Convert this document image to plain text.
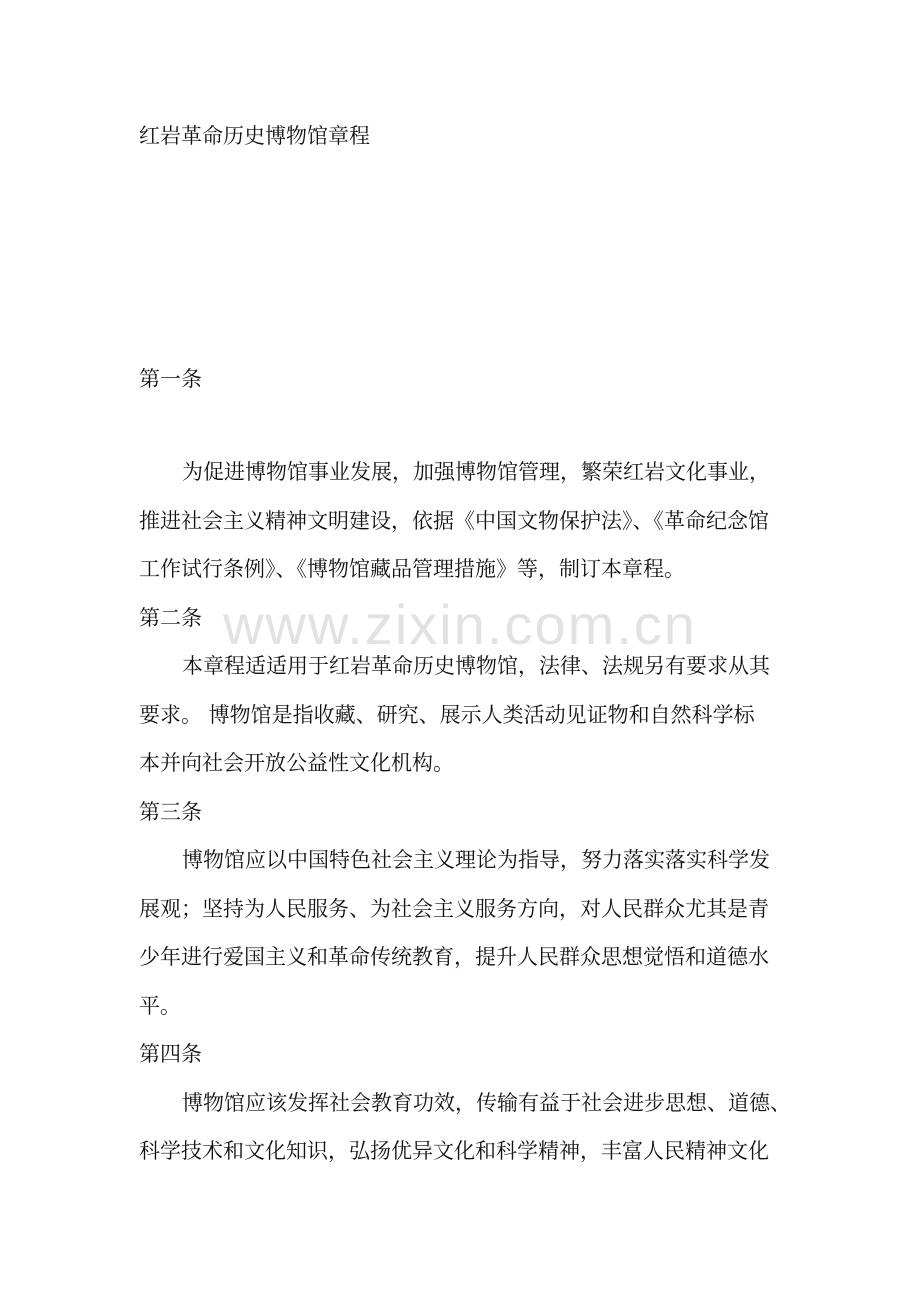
www.zixin.com.cn
红岩革命历史博物馆章程

第一条

为促进博物馆事业发展，加强博物馆管理，繁荣红岩文化事业，

推进社会主义精神文明建设，依据《中国文物保护法》、《革命纪念馆

工作试行条例》、《博物馆藏品管理措施》等，制订本章程。

第二条

本章程适适用于红岩革命历史博物馆，法律、法规另有要求从其

要求。 博物馆是指收藏、研究、展示人类活动见证物和自然科学标

本并向社会开放公益性文化机构。

第三条

博物馆应以中国特色社会主义理论为指导，努力落实落实科学发

展观；坚持为人民服务、为社会主义服务方向，对人民群众尤其是青

少年进行爱国主义和革命传统教育，提升人民群众思想觉悟和道德水

平。

第四条

博物馆应该发挥社会教育功效，传输有益于社会进步思想、道德、

科学技术和文化知识，弘扬优异文化和科学精神，丰富人民精神文化
